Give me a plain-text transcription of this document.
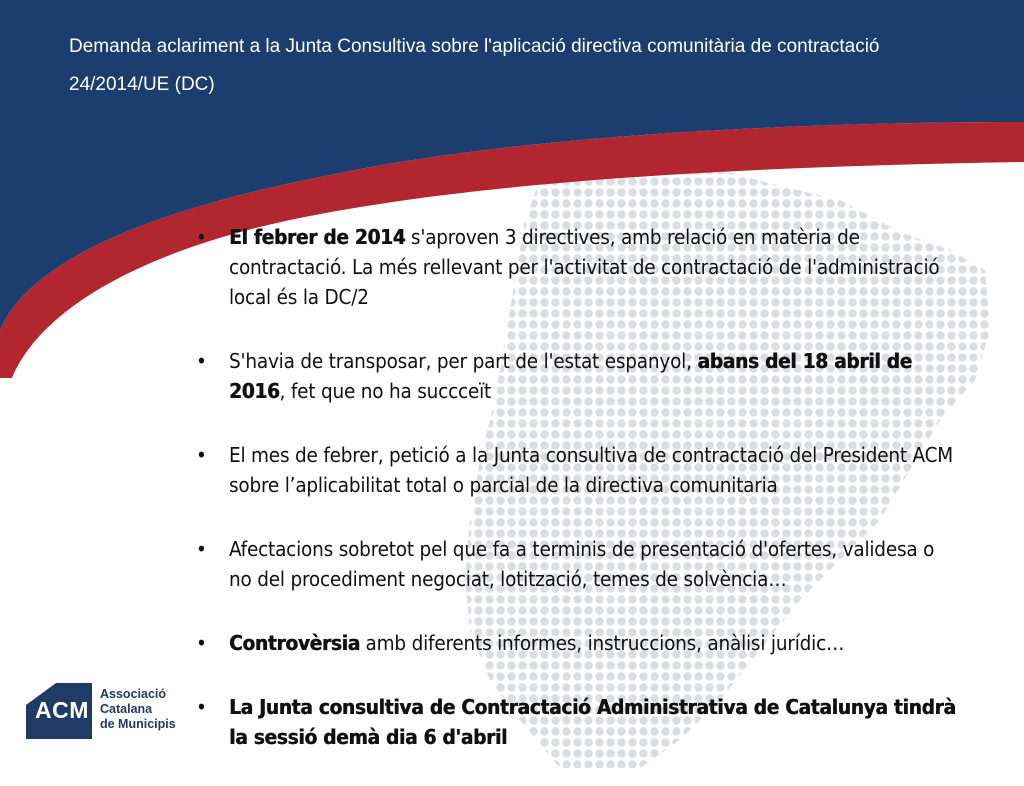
Demanda aclariment a la Junta Consultiva sobre l'aplicació directiva comunitària de contractació
24/2014/UE (DC)
• El febrer de 2014 s'aproven 3 directives, amb relació en matèria de contractació. La més rellevant per l'activitat de contractació de l'administració local és la DC/2
• S'havia de transposar, per part de l'estat espanyol, abans del 18 abril de 2016, fet que no ha succceït
• El mes de febrer, petició a la Junta consultiva de contractació del President ACM sobre l’aplicabilitat total o parcial de la directiva comunitaria
• Afectacions sobretot pel que fa a terminis de presentació d'ofertes, validesa o no del procediment negociat, lotització, temes de solvència…
• Controvèrsia amb diferents informes, instruccions, anàlisi jurídic…
• La Junta consultiva de Contractació Administrativa de Catalunya tindrà la sessió demà dia 6 d'abril
ACM
Associació
Catalana
de Municipis
